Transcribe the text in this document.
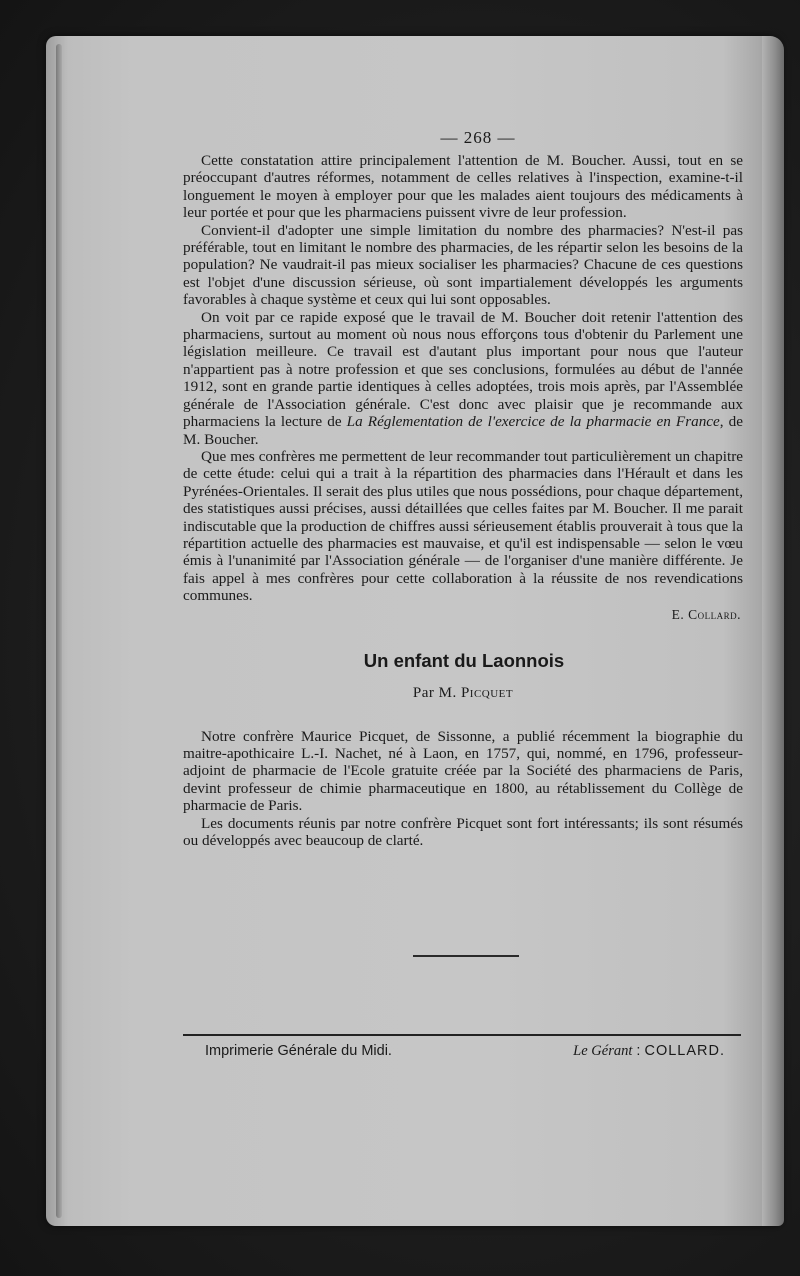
— 268 —

Cette constatation attire principalement l'attention de M. Boucher. Aussi, tout en se préoccupant d'autres réformes, notamment de celles relatives à l'inspection, examine-t-il longuement le moyen à employer pour que les malades aient toujours des médicaments à leur portée et pour que les pharmaciens puissent vivre de leur profession.

Convient-il d'adopter une simple limitation du nombre des pharmacies? N'est-il pas préférable, tout en limitant le nombre des pharmacies, de les répartir selon les besoins de la population? Ne vaudrait-il pas mieux socialiser les pharmacies? Chacune de ces questions est l'objet d'une discussion sérieuse, où sont impartialement développés les arguments favorables à chaque système et ceux qui lui sont opposables.

On voit par ce rapide exposé que le travail de M. Boucher doit retenir l'attention des pharmaciens, surtout au moment où nous nous efforçons tous d'obtenir du Parlement une législation meilleure. Ce travail est d'autant plus important pour nous que l'auteur n'appartient pas à notre profession et que ses conclusions, formulées au début de l'année 1912, sont en grande partie identiques à celles adoptées, trois mois après, par l'Assemblée générale de l'Association générale. C'est donc avec plaisir que je recommande aux pharmaciens la lecture de La Réglementation de l'exercice de la pharmacie en France, de M. Boucher.

Que mes confrères me permettent de leur recommander tout particulièrement un chapitre de cette étude: celui qui a trait à la répartition des pharmacies dans l'Hérault et dans les Pyrénées-Orientales. Il serait des plus utiles que nous possédions, pour chaque département, des statistiques aussi précises, aussi détaillées que celles faites par M. Boucher. Il me parait indiscutable que la production de chiffres aussi sérieusement établis prouverait à tous que la répartition actuelle des pharmacies est mauvaise, et qu'il est indispensable — selon le vœu émis à l'unanimité par l'Association générale — de l'organiser d'une manière différente. Je fais appel à mes confrères pour cette collaboration à la réussite de nos revendications communes.

E. Collard.
Un enfant du Laonnois
Par M. Picquet

Notre confrère Maurice Picquet, de Sissonne, a publié récemment la biographie du maitre-apothicaire L.-I. Nachet, né à Laon, en 1757, qui, nommé, en 1796, professeur-adjoint de pharmacie de l'Ecole gratuite créée par la Société des pharmaciens de Paris, devint professeur de chimie pharmaceutique en 1800, au rétablissement du Collège de pharmacie de Paris.

Les documents réunis par notre confrère Picquet sont fort intéressants; ils sont résumés ou développés avec beaucoup de clarté.

Imprimerie Générale du Midi.	Le Gérant : COLLARD.
